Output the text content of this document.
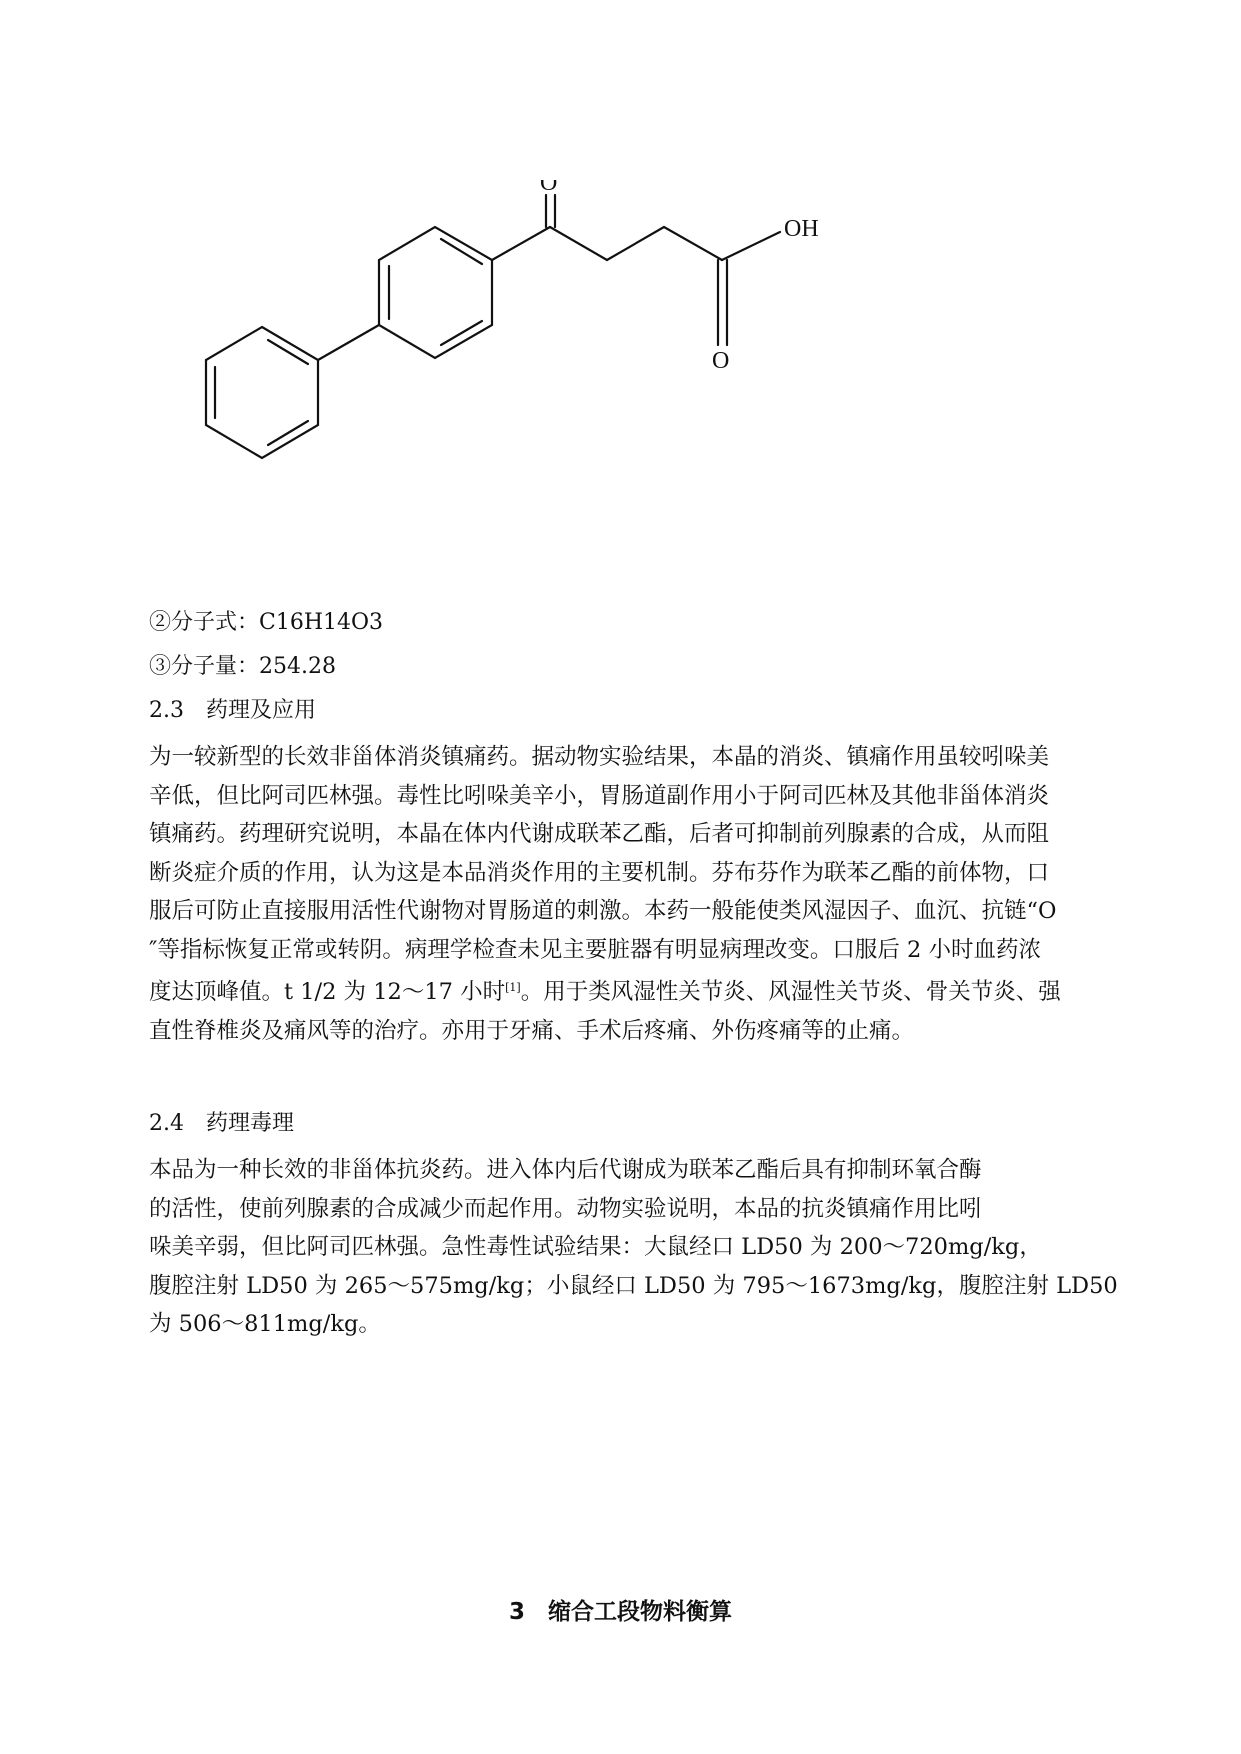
O
OH
O
②分子式：C16H14O3
③分子量：254.28
2.3　药理及应用

为一较新型的长效非甾体消炎镇痛药。据动物实验结果，本晶的消炎、镇痛作用虽较吲哚美

辛低，但比阿司匹林强。毒性比吲哚美辛小，胃肠道副作用小于阿司匹林及其他非甾体消炎

镇痛药。药理研究说明，本晶在体内代谢成联苯乙酯，后者可抑制前列腺素的合成，从而阻

断炎症介质的作用，认为这是本品消炎作用的主要机制。芬布芬作为联苯乙酯的前体物，口

服后可防止直接服用活性代谢物对胃肠道的刺激。本药一般能使类风湿因子、血沉、抗链“O

″等指标恢复正常或转阴。病理学检查未见主要脏器有明显病理改变。口服后 2 小时血药浓

度达顶峰值。t 1/2 为 12～17 小时[1]。用于类风湿性关节炎、风湿性关节炎、骨关节炎、强

直性脊椎炎及痛风等的治疗。亦用于牙痛、手术后疼痛、外伤疼痛等的止痛。

2.4　药理毒理

本品为一种长效的非甾体抗炎药。进入体内后代谢成为联苯乙酯后具有抑制环氧合酶

的活性，使前列腺素的合成减少而起作用。动物实验说明，本品的抗炎镇痛作用比吲

哚美辛弱，但比阿司匹林强。急性毒性试验结果：大鼠经口 LD50 为 200～720mg/kg，

腹腔注射 LD50 为 265～575mg/kg；小鼠经口 LD50 为 795～1673mg/kg，腹腔注射 LD50

为 506～811mg/kg。

3　缩合工段物料衡算
